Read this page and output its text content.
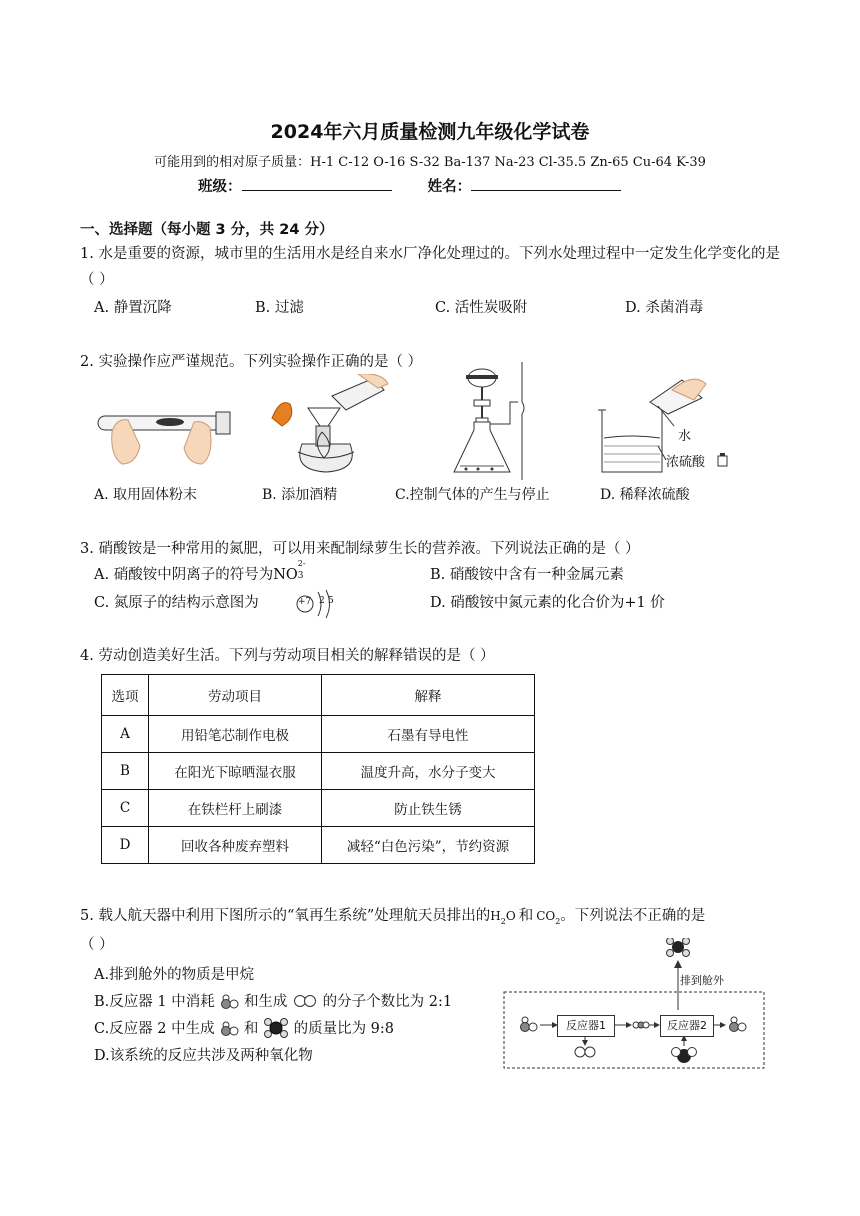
2024年六月质量检测九年级化学试卷
可能用到的相对原子质量：H-1 C-12 O-16 S-32 Ba-137 Na-23 Cl-35.5 Zn-65 Cu-64 K-39
班级：	姓名：
一、选择题（每小题 3 分，共 24 分）
1. 水是重要的资源，城市里的生活用水是经自来水厂净化处理过的。下列水处理过程中一定发生化学变化的是（ ）
A. 静置沉降	B. 过滤	C. 活性炭吸附	D. 杀菌消毒
2. 实验操作应严谨规范。下列实验操作正确的是（ ）
水
浓硫酸
A. 取用固体粉末	B. 添加酒精	C.控制气体的产生与停止	D. 稀释浓硫酸
3. 硝酸铵是一种常用的氮肥，可以用来配制绿萝生长的营养液。下列说法正确的是（ ）
A. 硝酸铵中阴离子的符号为NO
2-
3	B. 硝酸铵中含有一种金属元素
C. 氮原子的结构示意图为	+7 2 5	D. 硝酸铵中氮元素的化合价为+1 价
4. 劳动创造美好生活。下列与劳动项目相关的解释错误的是（ ）
选项	劳动项目	解释
A	用铅笔芯制作电极	石墨有导电性
B	在阳光下晾晒湿衣服	温度升高，水分子变大
C	在铁栏杆上刷漆	防止铁生锈
D	回收各种废弃塑料	减轻“白色污染”，节约资源
5. 载人航天器中利用下图所示的“氧再生系统”处理航天员排出的$H_2O$ 和 $CO_2$。下列说法不正确的是
（ ）
A.排到舱外的物质是甲烷
B.反应器 1 中消耗 和生成 的分子个数比为 2:1
C.反应器 2 中生成 和 的质量比为 9:8
D.该系统的反应共涉及两种氧化物
反应器1	反应器2
排到舱外
